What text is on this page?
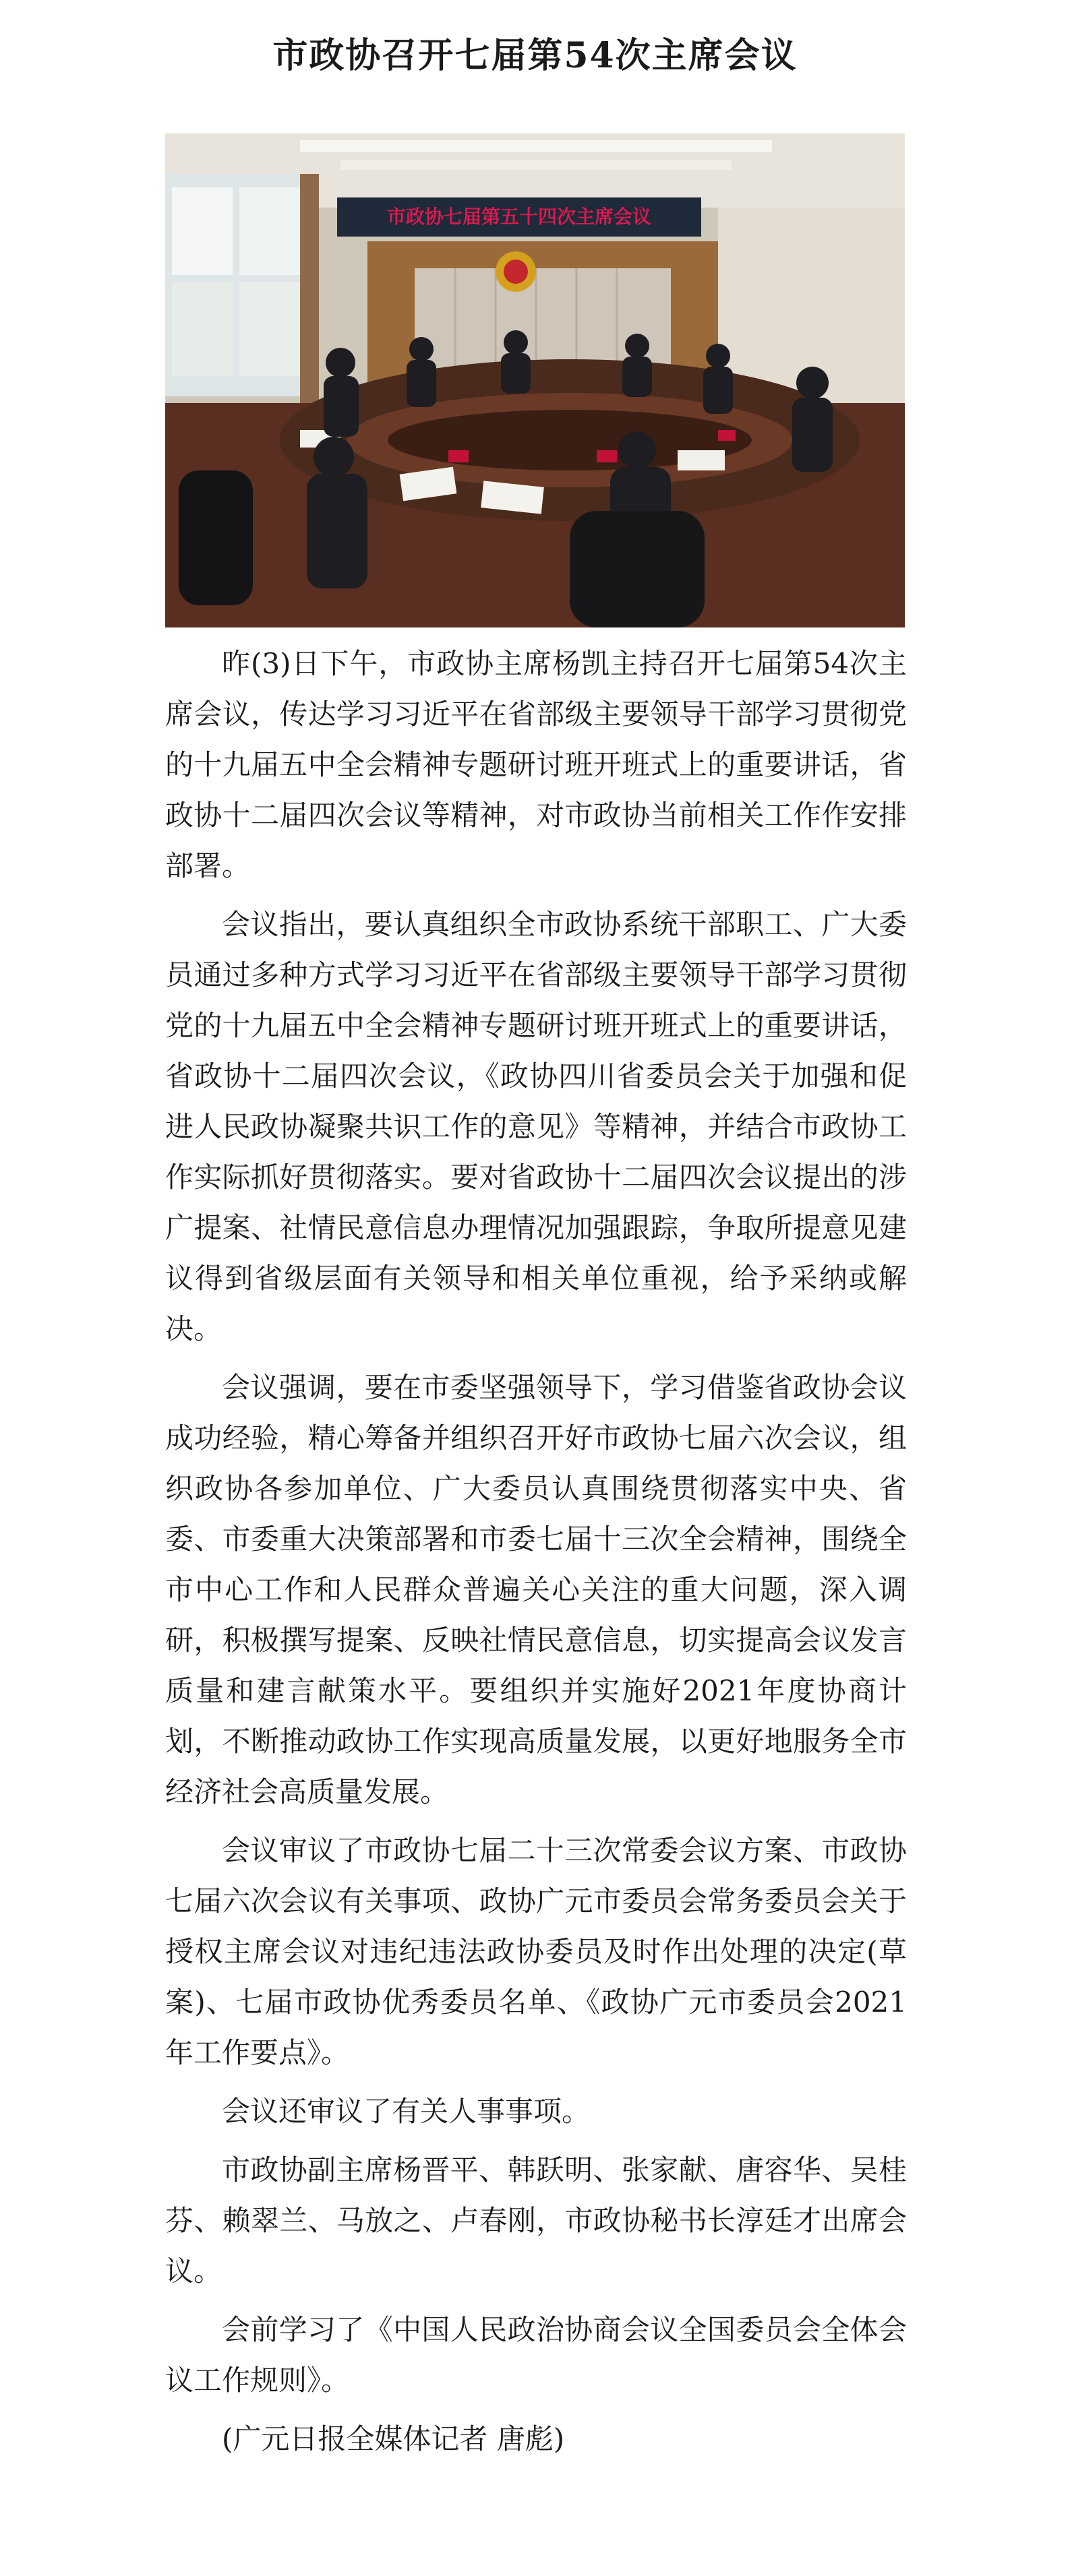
市政协召开七届第54次主席会议
市政协七届第五十四次主席会议

昨(3)日下午，市政协主席杨凯主持召开七届第54次主席会议，传达学习习近平在省部级主要领导干部学习贯彻党的十九届五中全会精神专题研讨班开班式上的重要讲话，省政协十二届四次会议等精神，对市政协当前相关工作作安排部署。

会议指出，要认真组织全市政协系统干部职工、广大委员通过多种方式学习习近平在省部级主要领导干部学习贯彻党的十九届五中全会精神专题研讨班开班式上的重要讲话，省政协十二届四次会议，《政协四川省委员会关于加强和促进人民政协凝聚共识工作的意见》等精神，并结合市政协工作实际抓好贯彻落实。要对省政协十二届四次会议提出的涉广提案、社情民意信息办理情况加强跟踪，争取所提意见建议得到省级层面有关领导和相关单位重视，给予采纳或解决。

会议强调，要在市委坚强领导下，学习借鉴省政协会议成功经验，精心筹备并组织召开好市政协七届六次会议，组织政协各参加单位、广大委员认真围绕贯彻落实中央、省委、市委重大决策部署和市委七届十三次全会精神，围绕全市中心工作和人民群众普遍关心关注的重大问题，深入调研，积极撰写提案、反映社情民意信息，切实提高会议发言质量和建言献策水平。要组织并实施好2021年度协商计划，不断推动政协工作实现高质量发展，以更好地服务全市经济社会高质量发展。

会议审议了市政协七届二十三次常委会议方案、市政协七届六次会议有关事项、政协广元市委员会常务委员会关于授权主席会议对违纪违法政协委员及时作出处理的决定(草案)、七届市政协优秀委员名单、《政协广元市委员会2021年工作要点》。

会议还审议了有关人事事项。

市政协副主席杨晋平、韩跃明、张家献、唐容华、吴桂芬、赖翠兰、马放之、卢春刚，市政协秘书长淳廷才出席会议。

会前学习了《中国人民政治协商会议全国委员会全体会议工作规则》。

(广元日报全媒体记者 唐彪)
